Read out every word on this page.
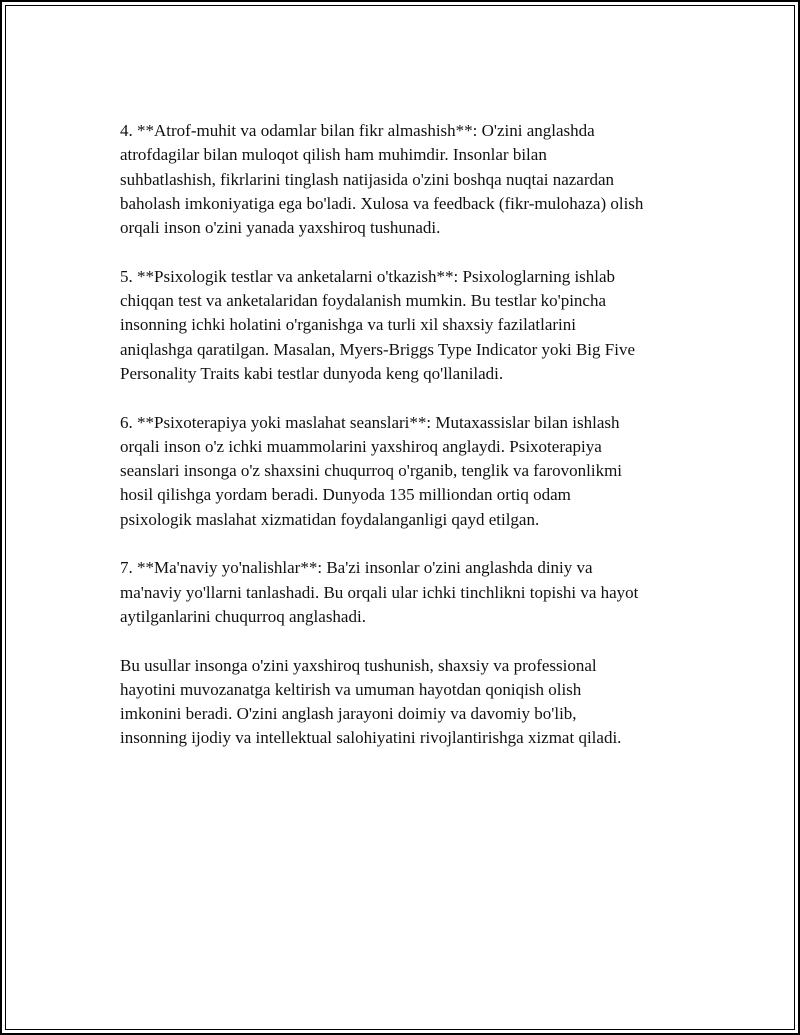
4. **Atrof-muhit va odamlar bilan fikr almashish**: O'zini anglashda
atrofdagilar bilan muloqot qilish ham muhimdir. Insonlar bilan
suhbatlashish, fikrlarini tinglash natijasida o'zini boshqa nuqtai nazardan
baholash imkoniyatiga ega bo'ladi. Xulosa va feedback (fikr-mulohaza) olish
orqali inson o'zini yanada yaxshiroq tushunadi.

5. **Psixologik testlar va anketalarni o'tkazish**: Psixologlarning ishlab
chiqqan test va anketalaridan foydalanish mumkin. Bu testlar ko'pincha
insonning ichki holatini o'rganishga va turli xil shaxsiy fazilatlarini
aniqlashga qaratilgan. Masalan, Myers-Briggs Type Indicator yoki Big Five
Personality Traits kabi testlar dunyoda keng qo'llaniladi.

6. **Psixoterapiya yoki maslahat seanslari**: Mutaxassislar bilan ishlash
orqali inson o'z ichki muammolarini yaxshiroq anglaydi. Psixoterapiya
seanslari insonga o'z shaxsini chuqurroq o'rganib, tenglik va farovonlikmi
hosil qilishga yordam beradi. Dunyoda 135 milliondan ortiq odam
psixologik maslahat xizmatidan foydalanganligi qayd etilgan.

7. **Ma'naviy yo'nalishlar**: Ba'zi insonlar o'zini anglashda diniy va
ma'naviy yo'llarni tanlashadi. Bu orqali ular ichki tinchlikni topishi va hayot
aytilganlarini chuqurroq anglashadi.

Bu usullar insonga o'zini yaxshiroq tushunish, shaxsiy va professional
hayotini muvozanatga keltirish va umuman hayotdan qoniqish olish
imkonini beradi. O'zini anglash jarayoni doimiy va davomiy bo'lib,
insonning ijodiy va intellektual salohiyatini rivojlantirishga xizmat qiladi.
